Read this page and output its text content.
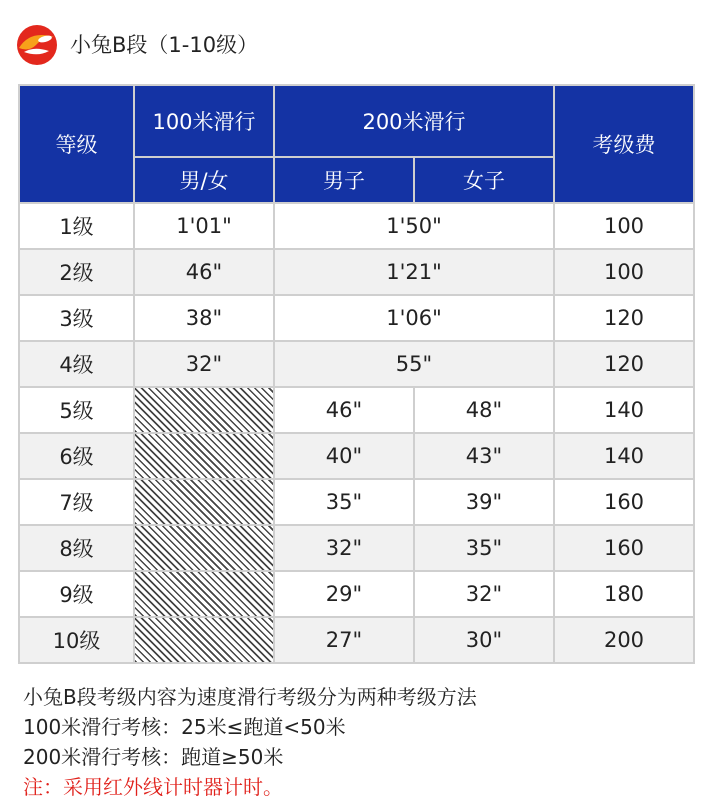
小兔B段（1-10级）
等级	100米滑行	200米滑行		考级费
	男/女	男子	女子	
1级	1'01"	1'50"		100
2级	46"	1'21"		100
3级	38"	1'06"		120
4级	32"	55"		120
5级		46"	48"	140
6级		40"	43"	140
7级		35"	39"	160
8级		32"	35"	160
9级		29"	32"	180
10级		27"	30"	200
小兔B段考级内容为速度滑行考级分为两种考级方法
100米滑行考核：25米≤跑道<50米
200米滑行考核：跑道≥50米
注：采用红外线计时器计时。
